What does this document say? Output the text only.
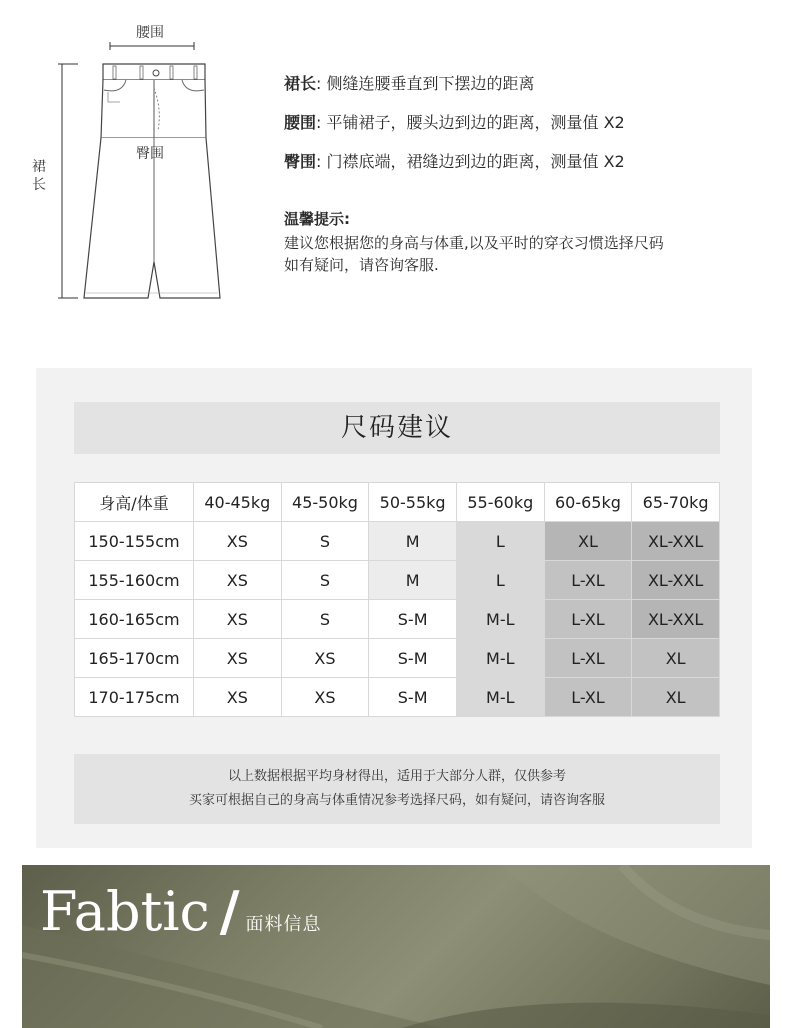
腰围
臀围
裙长
裙长: 侧缝连腰垂直到下摆边的距离
腰围: 平铺裙子，腰头边到边的距离，测量值 X2
臀围: 门襟底端，裙缝边到边的距离，测量值 X2
温馨提示:
建议您根据您的身高与体重,以及平时的穿衣习惯选择尺码
如有疑问，请咨询客服.
尺码建议
身高/体重	40-45kg	45-50kg	50-55kg	55-60kg	60-65kg	65-70kg
150-155cm	XS	S	M	L	XL	XL-XXL
155-160cm	XS	S	M	L	L-XL	XL-XXL
160-165cm	XS	S	S-M	M-L	L-XL	XL-XXL
165-170cm	XS	XS	S-M	M-L	L-XL	XL
170-175cm	XS	XS	S-M	M-L	L-XL	XL
以上数据根据平均身材得出，适用于大部分人群，仅供参考
买家可根据自己的身高与体重情况参考选择尺码，如有疑问，请咨询客服
Fabtic / 面料信息
